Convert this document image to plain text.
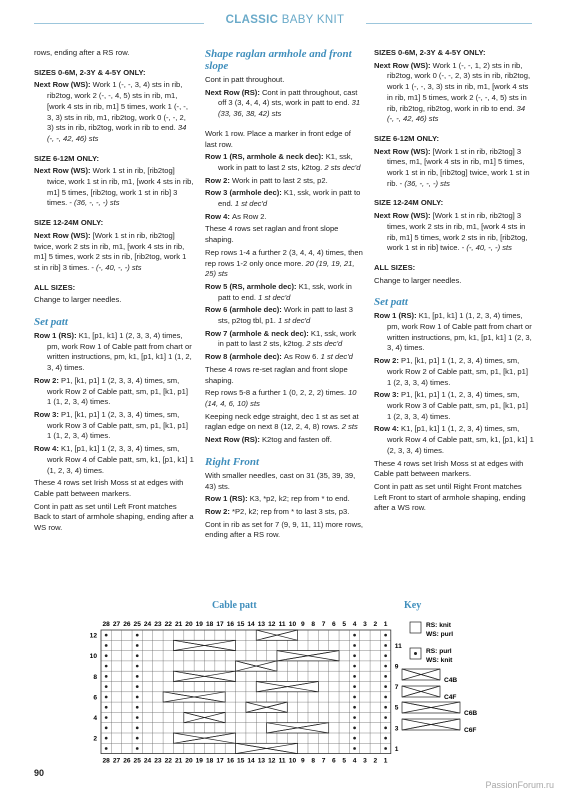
CLASSIC BABY KNIT

rows, ending after a RS row.

SIZES 0-6M, 2-3Y & 4-5Y ONLY:

Next Row (WS): Work 1 (-, -, 3, 4) sts in rib, rib2tog, work 2 (-, -, 4, 5) sts in rib, m1, [work 4 sts in rib, m1] 5 times, work 1 (-, -, 3, 3) sts in rib, m1, rib2tog, work 0 (-, -, 2, 3) sts in rib, rib2tog, work in rib to end. 34 (-, -, 42, 46) sts

SIZE 6-12M ONLY:

Next Row (WS): Work 1 st in rib, [rib2tog] twice, work 1 st in rib, m1, [work 4 sts in rib, m1] 5 times, [rib2tog, work 1 st in rib] 3 times. - (36, -, -, -) sts

SIZE 12-24M ONLY:

Next Row (WS): [Work 1 st in rib, rib2tog] twice, work 2 sts in rib, m1, [work 4 sts in rib, m1] 5 times, work 2 sts in rib, [rib2tog, work 1 st in rib] 3 times. - (-, 40, -, -) sts

ALL SIZES:

Change to larger needles.

Set patt

Row 1 (RS): K1, [p1, k1] 1 (2, 3, 3, 4) times, pm, work Row 1 of Cable patt from chart or written instructions, pm, k1, [p1, k1] 1 (1, 2, 3, 4) times.

Row 2: P1, [k1, p1] 1 (2, 3, 3, 4) times, sm, work Row 2 of Cable patt, sm, p1, [k1, p1] 1 (1, 2, 3, 4) times.

Row 3: P1, [k1, p1] 1 (2, 3, 3, 4) times, sm, work Row 3 of Cable patt, sm, p1, [k1, p1] 1 (1, 2, 3, 4) times.

Row 4: K1, [p1, k1] 1 (2, 3, 3, 4) times, sm, work Row 4 of Cable patt, sm, k1, [p1, k1] 1 (1, 2, 3, 4) times.

These 4 rows set Irish Moss st at edges with Cable patt between markers.

Cont in patt as set until Left Front matches Back to start of armhole shaping, ending after a WS row.

Shape raglan armhole and front slope

Cont in patt throughout.

Next Row (RS): Cont in patt throughout, cast off 3 (3, 4, 4, 4) sts, work in patt to end. 31 (33, 36, 38, 42) sts

Work 1 row. Place a marker in front edge of last row.

Row 1 (RS, armhole & neck dec): K1, ssk, work in patt to last 2 sts, k2tog. 2 sts dec'd

Row 2: Work in patt to last 2 sts, p2.

Row 3 (armhole dec): K1, ssk, work in patt to end. 1 st dec'd

Row 4: As Row 2.

These 4 rows set raglan and front slope shaping.

Rep rows 1-4 a further 2 (3, 4, 4, 4) times, then rep rows 1-2 only once more. 20 (19, 19, 21, 25) sts

Row 5 (RS, armhole dec): K1, ssk, work in patt to end. 1 st dec'd

Row 6 (armhole dec): Work in patt to last 3 sts, p2tog tbl, p1. 1 st dec'd

Row 7 (armhole & neck dec): K1, ssk, work in patt to last 2 sts, k2tog. 2 sts dec'd

Row 8 (armhole dec): As Row 6. 1 st dec'd

These 4 rows re-set raglan and front slope shaping.

Rep rows 5-8 a further 1 (0, 2, 2, 2) times. 10 (14, 4, 6, 10) sts

Keeping neck edge straight, dec 1 st as set at raglan edge on next 8 (12, 2, 4, 8) rows. 2 sts

Next Row (RS): K2tog and fasten off.

Right Front

With smaller needles, cast on 31 (35, 39, 39, 43) sts.

Row 1 (RS): K3, *p2, k2; rep from * to end.

Row 2: *P2, k2; rep from * to last 3 sts, p3.

Cont in rib as set for 7 (9, 9, 11, 11) more rows, ending after a RS row.

SIZES 0-6M, 2-3Y & 4-5Y ONLY:

Next Row (WS): Work 1 (-, -, 1, 2) sts in rib, rib2tog, work 0 (-, -, 2, 3) sts in rib, rib2tog, work 1 (-, -, 3, 3) sts in rib, m1, [work 4 sts in rib, m1] 5 times, work 2 (-, -, 4, 5) sts in rib, rib2tog, rib2tog, work in rib to end. 34 (-, -, 42, 46) sts

SIZE 6-12M ONLY:

Next Row (WS): [Work 1 st in rib, rib2tog] 3 times, m1, [work 4 sts in rib, m1] 5 times, work 1 st in rib, [rib2tog] twice, work 1 st in rib. - (36, -, -, -) sts

SIZE 12-24M ONLY:

Next Row (WS): [Work 1 st in rib, rib2tog] 3 times, work 2 sts in rib, m1, [work 4 sts in rib, m1] 5 times, work 2 sts in rib, [rib2tog, work 1 st in rib] twice. - (-, 40, -, -) sts

ALL SIZES:

Change to larger needles.

Set patt

Row 1 (RS): K1, [p1, k1] 1 (1, 2, 3, 4) times, pm, work Row 1 of Cable patt from chart or written instructions, pm, k1, [p1, k1] 1 (2, 3, 3, 4) times.

Row 2: P1, [k1, p1] 1 (1, 2, 3, 4) times, sm, work Row 2 of Cable patt, sm, p1, [k1, p1] 1 (2, 3, 3, 4) times.

Row 3: P1, [k1, p1] 1 (1, 2, 3, 4) times, sm, work Row 3 of Cable patt, sm, p1, [k1, p1] 1 (2, 3, 3, 4) times.

Row 4: K1, [p1, k1] 1 (1, 2, 3, 4) times, sm, work Row 4 of Cable patt, sm, k1, [p1, k1] 1 (2, 3, 3, 4) times.

These 4 rows set Irish Moss st at edges with Cable patt between markers.

Cont in patt as set until Right Front matches Left Front to start of armhole shaping, ending after a WS row.

Cable patt	Key
28
28
27
27
26
26
25
25
24
24
23
23
22
22
21
21
20
20
19
19
18
18
17
17
16
16
15
15
14
14
13
13
12
12
11
11
10
10
9
9
8
8
7
7
6
6
5
5
4
4
3
3
2
2
1
1
12
10
8
6
4
2
11
9
7
5
3
1
RS: knit
WS: purl
RS: purl
WS: knit
C4B
C4F
C6B
C6F
90
PassionForum.ru
